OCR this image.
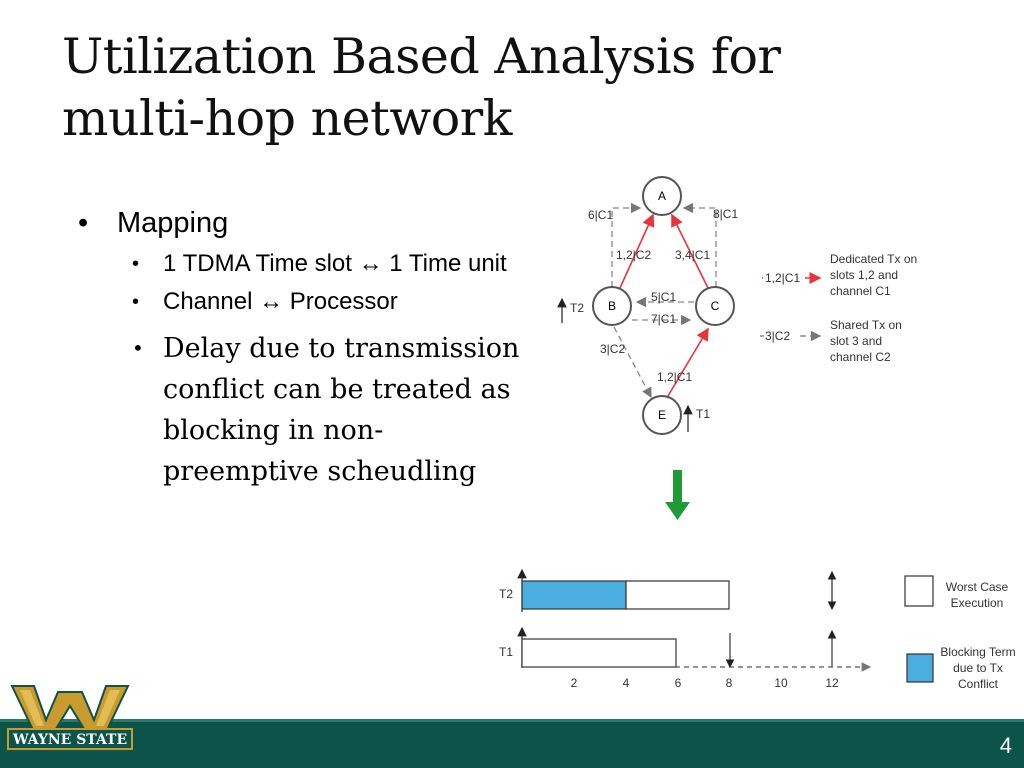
Utilization Based Analysis for
multi-hop network
• Mapping
• 1 TDMA Time slot ↔ 1 Time unit
• Channel ↔ Processor
• Delay due to transmission conflict can be treated as blocking in non-preemptive scheudling
A
B	C
E
6|C1	8|C1
1,2|C2 3,4|C1
5|C1
7|C1
3|C2
1,2|C1
T2
T1
1,2|C1
Dedicated Tx on
slots 1,2 and
channel C1
3|C2
Shared Tx on
slot 3 and
channel C2
T2
T1
2	4	6	8	10	12
Worst Case
Execution
Blocking Term
due to Tx
Conflict
WAYNE STATE	4
